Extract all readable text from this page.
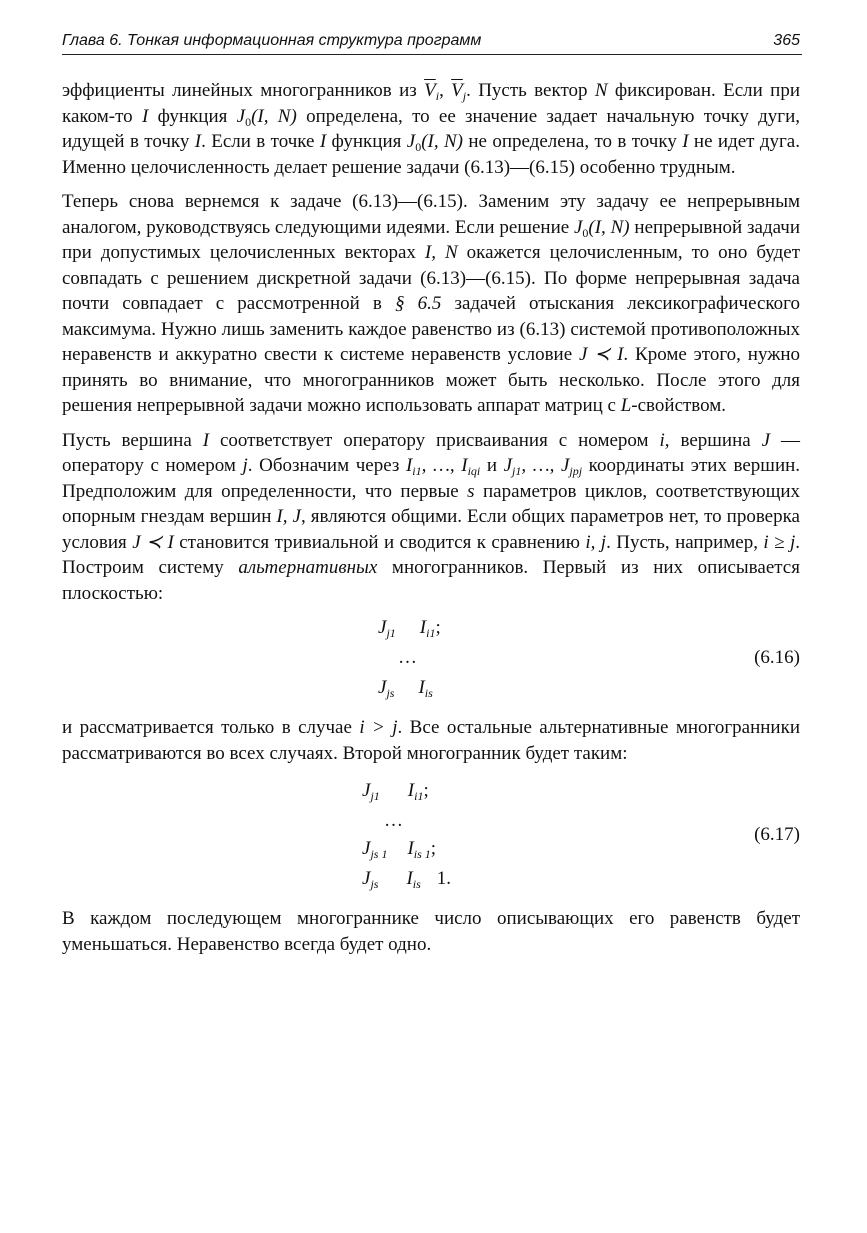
Глава 6. Тонкая информационная структура программ	365

эффициенты линейных многогранников из $\overline{V}_i$, $\overline{V}_j$. Пусть вектор N фиксирован. Если при каком-то I функция $J_0(I$, N) определена, то ее значение задает начальную точку дуги, идущей в точку I. Если в точке I функция $J_0(I$, N) не определена, то в точку I не идет дуга. Именно целочисленность делает решение задачи (6.13)—(6.15) особенно трудным.

Теперь снова вернемся к задаче (6.13)—(6.15). Заменим эту задачу ее непрерывным аналогом, руководствуясь следующими идеями. Если решение $J_0(I$, N) непрерывной задачи при допустимых целочисленных векторах I, N окажется целочисленным, то оно будет совпадать с решением дискретной задачи (6.13)—(6.15). По форме непрерывная задача почти совпадает с рассмотренной в § 6.5 задачей отыскания лексикографического максимума. Нужно лишь заменить каждое равенство из (6.13) системой противоположных неравенств и аккуратно свести к системе неравенств условие J ≺ I. Кроме этого, нужно принять во внимание, что многогранников может быть несколько. После этого для решения непрерывной задачи можно использовать аппарат матриц с L-свойством.

Пусть вершина I соответствует оператору присваивания с номером i, вершина J — оператору с номером j. Обозначим через $I_{i1}$, …, $I_{iqi}$ и $J_{j1}$, …, $J_{jpj}$ координаты этих вершин. Предположим для определенности, что первые s параметров циклов, соответствующих опорным гнездам вершин I, J, являются общими. Если общих параметров нет, то проверка условия J ≺ I становится тривиальной и сводится к сравнению i, j. Пусть, например, i ≥ j. Построим систему альтернативных многогранников. Первый из них описывается плоскостью:

$J_{j1}$ $I_{i1}$;
…
$J_{js}$ $I_{is}$
(6.16)

и рассматривается только в случае i > j. Все остальные альтернативные многогранники рассматриваются во всех случаях. Второй многогранник будет таким:

$J_{j1}$ $I_{i1}$;
…
$J_{js 1}$ $I_{is 1}$;
$J_{js}$ $I_{is}$ 1.
(6.17)

В каждом последующем многограннике число описывающих его равенств будет уменьшаться. Неравенство всегда будет одно.
